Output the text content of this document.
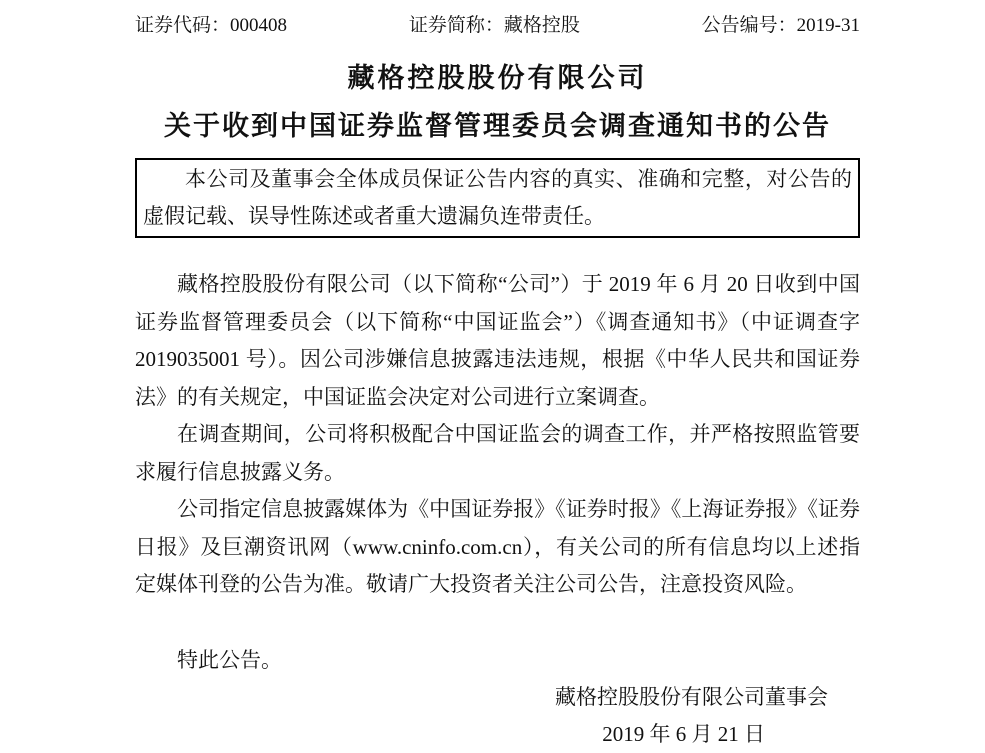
证券代码：000408	证券简称：藏格控股	公告编号：2019-31
藏格控股股份有限公司
关于收到中国证券监督管理委员会调查通知书的公告

本公司及董事会全体成员保证公告内容的真实、准确和完整，对公告的虚假记载、误导性陈述或者重大遗漏负连带责任。

藏格控股股份有限公司（以下简称“公司”）于 2019 年 6 月 20 日收到中国证券监督管理委员会（以下简称“中国证监会”）《调查通知书》（中证调查字 2019035001 号）。因公司涉嫌信息披露违法违规，根据《中华人民共和国证券法》的有关规定，中国证监会决定对公司进行立案调查。

在调查期间，公司将积极配合中国证监会的调查工作，并严格按照监管要求履行信息披露义务。

公司指定信息披露媒体为《中国证券报》《证券时报》《上海证券报》《证券日报》及巨潮资讯网（www.cninfo.com.cn），有关公司的所有信息均以上述指定媒体刊登的公告为准。敬请广大投资者关注公司公告，注意投资风险。

特此公告。

藏格控股股份有限公司董事会

2019 年 6 月 21 日
